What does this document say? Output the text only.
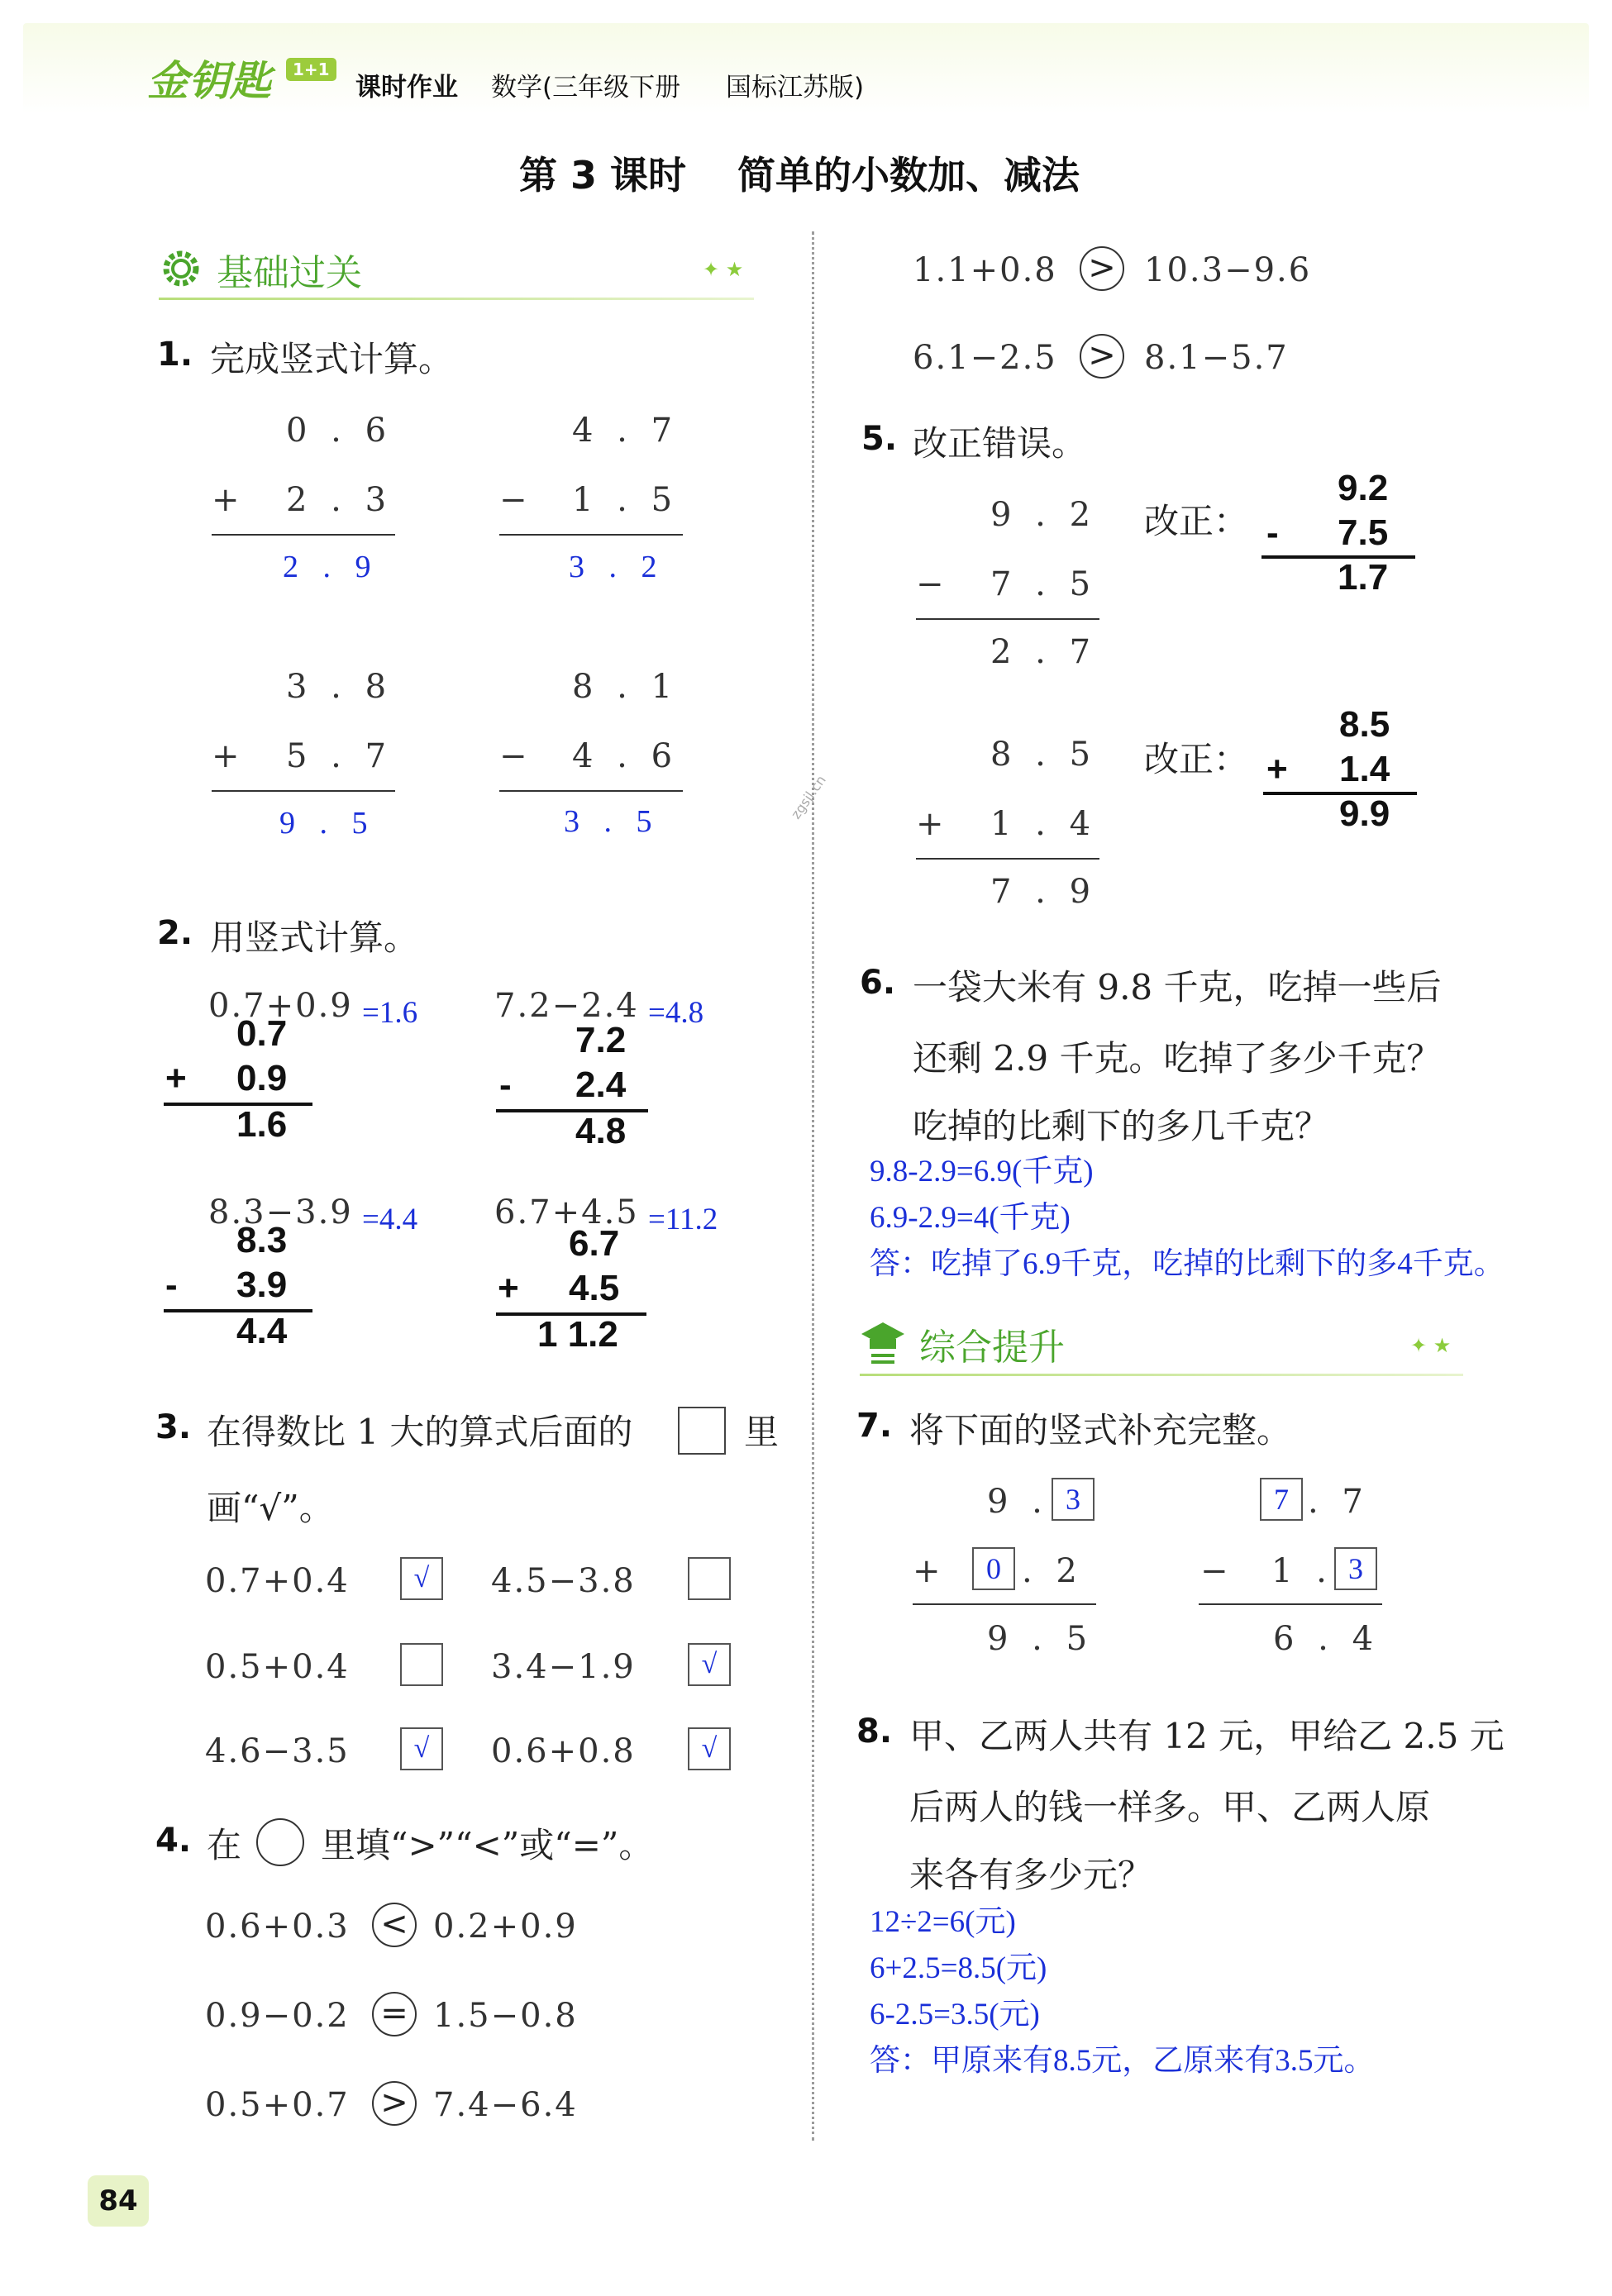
金钥匙	1+1
课时作业 数学(三年级下册 国标江苏版)
第 3 课时 简单的小数加、减法
基础过关	✦ ★
1. 完成竖式计算。
0 . 6
+ 2 . 3
2 . 9
4 . 7
− 1 . 5
3 . 2
3 . 8
+ 5 . 7
9 . 5
8 . 1
− 4 . 6
3 . 5	zgsjl.cn
2. 用竖式计算。
0.7+0.9 =1.6
0.7
+ 0.9
1.6
7.2−2.4 =4.8
7.2
- 2.4
4.8
8.3−3.9 =4.4
8.3
- 3.9
4.4
6.7+4.5 =11.2
6.7
+ 4.5
1 1.2
3. 在得数比 1 大的算式后面的	里
画“√”。
0.7+0.4	√	4.5−3.8
0.5+0.4	3.4−1.9	√
4.6−3.5	√	0.6+0.8	√
4. 在 里填“>”“<”或“=”。
0.6+0.3 < 0.2+0.9
0.9−0.2 = 1.5−0.8
0.5+0.7 > 7.4−6.4
1.1+0.8 > 10.3−9.6
6.1−2.5 > 8.1−5.7
5. 改正错误。
9 . 2
− 7 . 5
2 . 7
改正：
9.2
- 7.5
1.7
8 . 5
+ 1 . 4
7 . 9
改正：
8.5
+ 1.4
9.9
6. 一袋大米有 9.8 千克，吃掉一些后
还剩 2.9 千克。吃掉了多少千克？
吃掉的比剩下的多几千克？
9.8-2.9=6.9(千克)
6.9-2.9=4(千克)
答：吃掉了6.9千克，吃掉的比剩下的多4千克。
综合提升	✦ ★
7. 将下面的竖式补充完整。
9 . 3
+	0 . 2
9 . 5
7 . 7
− 1 . 3
6 . 4
8. 甲、乙两人共有 12 元，甲给乙 2.5 元
后两人的钱一样多。甲、乙两人原
来各有多少元？
12÷2=6(元)
6+2.5=8.5(元)
6-2.5=3.5(元)
答：甲原来有8.5元，乙原来有3.5元。
84
